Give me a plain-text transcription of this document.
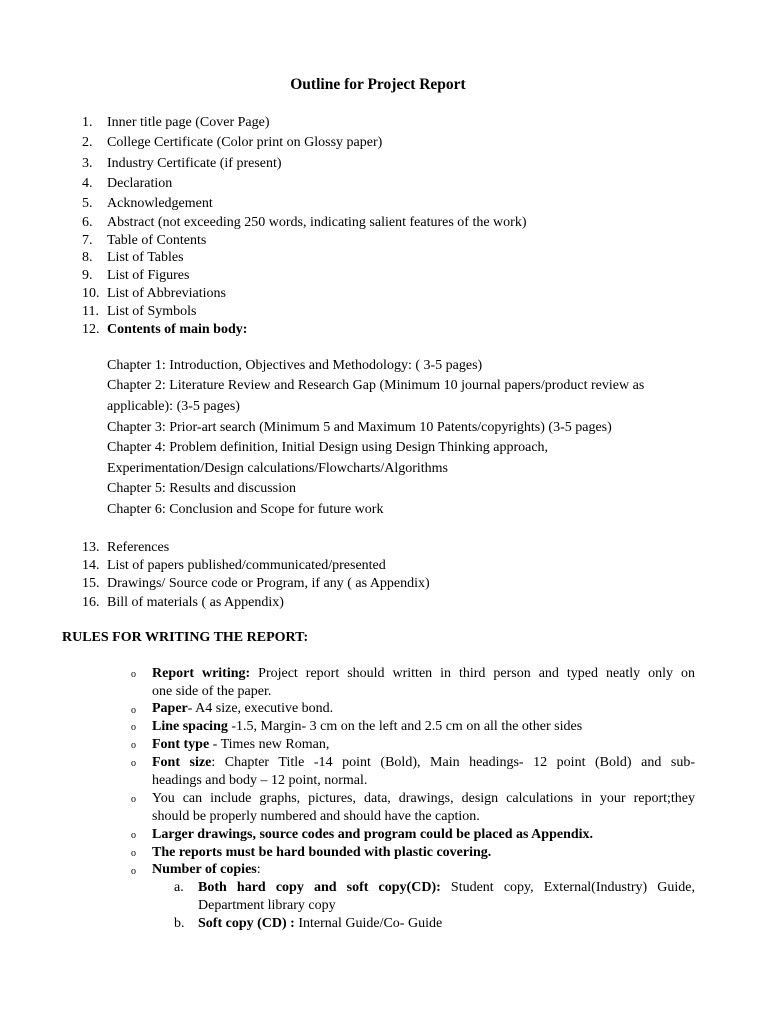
Outline for Project Report
1. Inner title page (Cover Page)
2. College Certificate (Color print on Glossy paper)
3. Industry Certificate (if present)
4. Declaration
5. Acknowledgement
6. Abstract (not exceeding 250 words, indicating salient features of the work)
7. Table of Contents
8. List of Tables
9. List of Figures
10. List of Abbreviations
11. List of Symbols
12. Contents of main body:
Chapter 1: Introduction, Objectives and Methodology: ( 3-5 pages)
Chapter 2: Literature Review and Research Gap (Minimum 10 journal papers/product review as
applicable): (3-5 pages)
Chapter 3: Prior-art search (Minimum 5 and Maximum 10 Patents/copyrights) (3-5 pages)
Chapter 4: Problem definition, Initial Design using Design Thinking approach,
Experimentation/Design calculations/Flowcharts/Algorithms
Chapter 5: Results and discussion
Chapter 6: Conclusion and Scope for future work
13. References
14. List of papers published/communicated/presented
15. Drawings/ Source code or Program, if any ( as Appendix)
16. Bill of materials ( as Appendix)
RULES FOR WRITING THE REPORT:
o Report writing: Project report should written in third person and typed neatly only on
one side of the paper.
o Paper- A4 size, executive bond.
o Line spacing -1.5, Margin- 3 cm on the left and 2.5 cm on all the other sides
o Font type - Times new Roman,
o Font size: Chapter Title -14 point (Bold), Main headings- 12 point (Bold) and sub-
headings and body – 12 point, normal.
o You can include graphs, pictures, data, drawings, design calculations in your report;they
should be properly numbered and should have the caption.
o Larger drawings, source codes and program could be placed as Appendix.
o The reports must be hard bounded with plastic covering.
o Number of copies:
a. Both hard copy and soft copy(CD): Student copy, External(Industry) Guide,
Department library copy
b. Soft copy (CD) : Internal Guide/Co- Guide
